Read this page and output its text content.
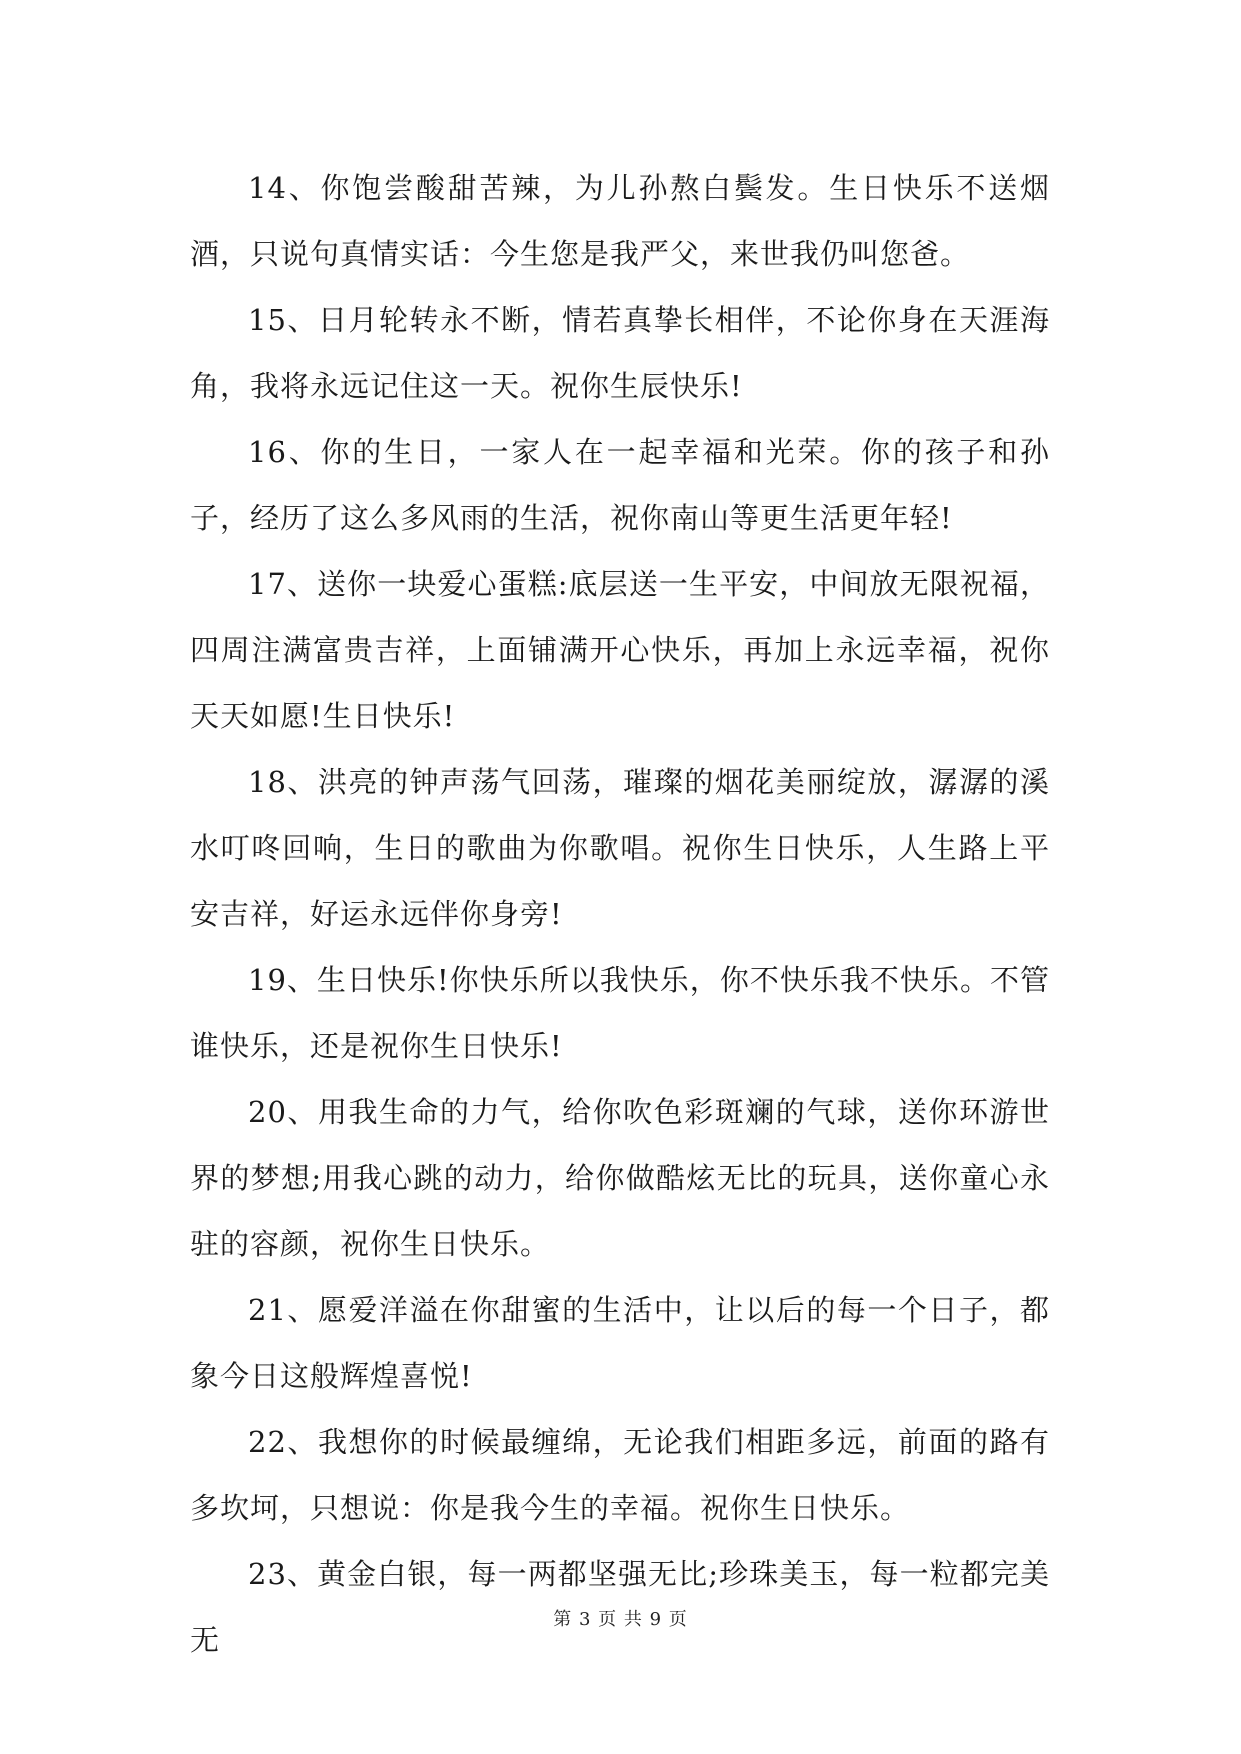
14、你饱尝酸甜苦辣，为儿孙熬白鬓发。生日快乐不送烟酒，只说句真情实话：今生您是我严父，来世我仍叫您爸。

15、日月轮转永不断，情若真挚长相伴，不论你身在天涯海角，我将永远记住这一天。祝你生辰快乐!

16、你的生日，一家人在一起幸福和光荣。你的孩子和孙子，经历了这么多风雨的生活，祝你南山等更生活更年轻!

17、送你一块爱心蛋糕:底层送一生平安，中间放无限祝福，四周注满富贵吉祥，上面铺满开心快乐，再加上永远幸福，祝你天天如愿!生日快乐!

18、洪亮的钟声荡气回荡，璀璨的烟花美丽绽放，潺潺的溪水叮咚回响，生日的歌曲为你歌唱。祝你生日快乐，人生路上平安吉祥，好运永远伴你身旁!

19、生日快乐!你快乐所以我快乐，你不快乐我不快乐。不管谁快乐，还是祝你生日快乐!

20、用我生命的力气，给你吹色彩斑斓的气球，送你环游世界的梦想;用我心跳的动力，给你做酷炫无比的玩具，送你童心永驻的容颜，祝你生日快乐。

21、愿爱洋溢在你甜蜜的生活中，让以后的每一个日子，都象今日这般辉煌喜悦!

22、我想你的时候最缠绵，无论我们相距多远，前面的路有多坎坷，只想说：你是我今生的幸福。祝你生日快乐。

23、黄金白银，每一两都坚强无比;珍珠美玉，每一粒都完美无

第 3 页 共 9 页
